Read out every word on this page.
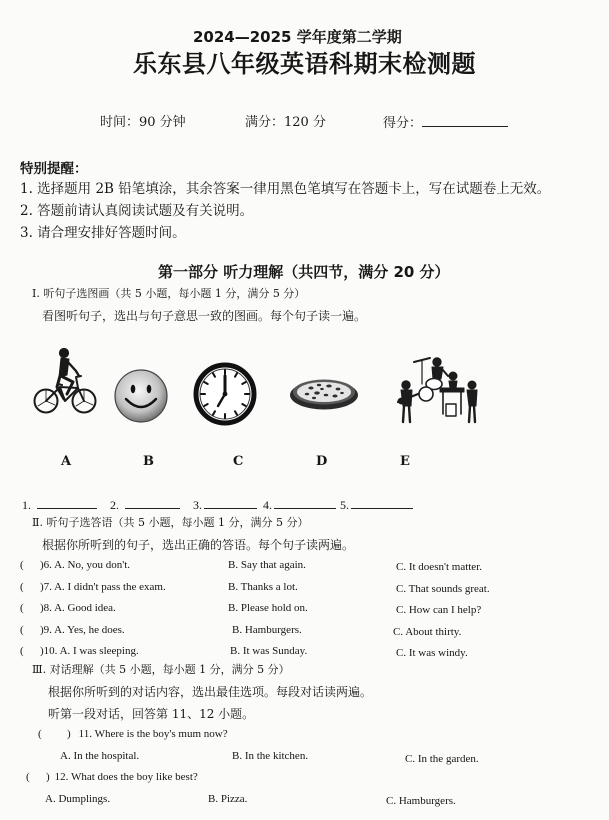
2024—2025 学年度第二学期
乐东县八年级英语科期末检测题
时间：90 分钟	满分：120 分	得分：
特别提醒：
1. 选择题用 2B 铅笔填涂，其余答案一律用黑色笔填写在答题卡上，写在试题卷上无效。
2. 答题前请认真阅读试题及有关说明。
3. 请合理安排好答题时间。
第一部分 听力理解（共四节，满分 20 分）
I. 听句子选图画（共 5 小题，每小题 1 分，满分 5 分）
看图听句子，选出与句子意思一致的图画。每个句子读一遍。
A	B	C	D	E
1.	2.	3.	4.	5.
Ⅱ. 听句子选答语（共 5 小题，每小题 1 分，满分 5 分）
根据你所听到的句子，选出正确的答语。每个句子读两遍。
( )6. A. No, you don't.	B. Say that again.	C. It doesn't matter.
( )7. A. I didn't pass the exam.	B. Thanks a lot.	C. That sounds great.
( )8. A. Good idea.	B. Please hold on.	C. How can I help?
( )9. A. Yes, he does.	B. Hamburgers.	C. About thirty.
( )10. A. I was sleeping.	B. It was Sunday.	C. It was windy.
Ⅲ. 对话理解（共 5 小题，每小题 1 分，满分 5 分）
根据你所听到的对话内容，选出最佳选项。每段对话读两遍。
听第一段对话，回答第 11、12 小题。
( ) 11. Where is the boy's mum now?
A. In the hospital.	B. In the kitchen.	C. In the garden.
( ) 12. What does the boy like best?
A. Dumplings.	B. Pizza.	C. Hamburgers.
